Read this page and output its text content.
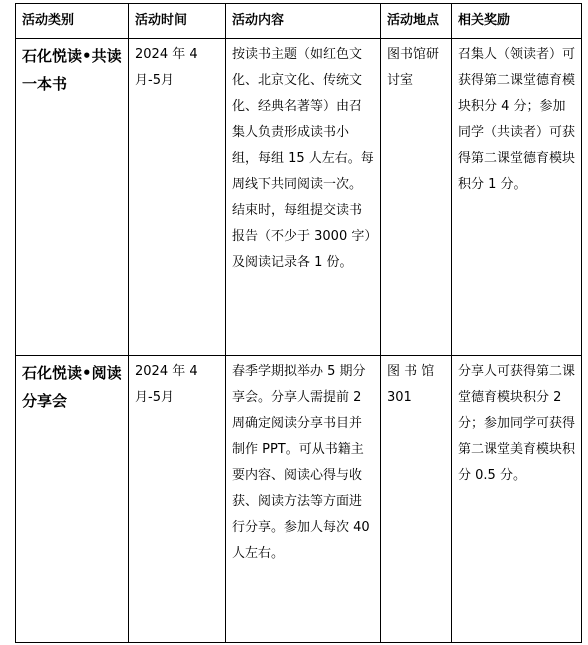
活动类别	活动时间	活动内容	活动地点	相关奖励
石化悦读•共读一本书	2024 年 4 月-5月	按读书主题（如红色文化、北京文化、传统文化、经典名著等）由召集人负责形成读书小组，每组 15 人左右。每周线下共同阅读一次。结束时，每组提交读书报告（不少于 3000 字）及阅读记录各 1 份。	图书馆研讨室	召集人（领读者）可获得第二课堂德育模块积分 4 分；参加同学（共读者）可获得第二课堂德育模块积分 1 分。
石化悦读•阅读分享会	2024 年 4 月-5月	春季学期拟举办 5 期分享会。分享人需提前 2 周确定阅读分享书目并制作 PPT。可从书籍主要内容、阅读心得与收获、阅读方法等方面进行分享。参加人每次 40 人左右。	图 书 馆 301	分享人可获得第二课堂德育模块积分 2 分；参加同学可获得第二课堂美育模块积分 0.5 分。
